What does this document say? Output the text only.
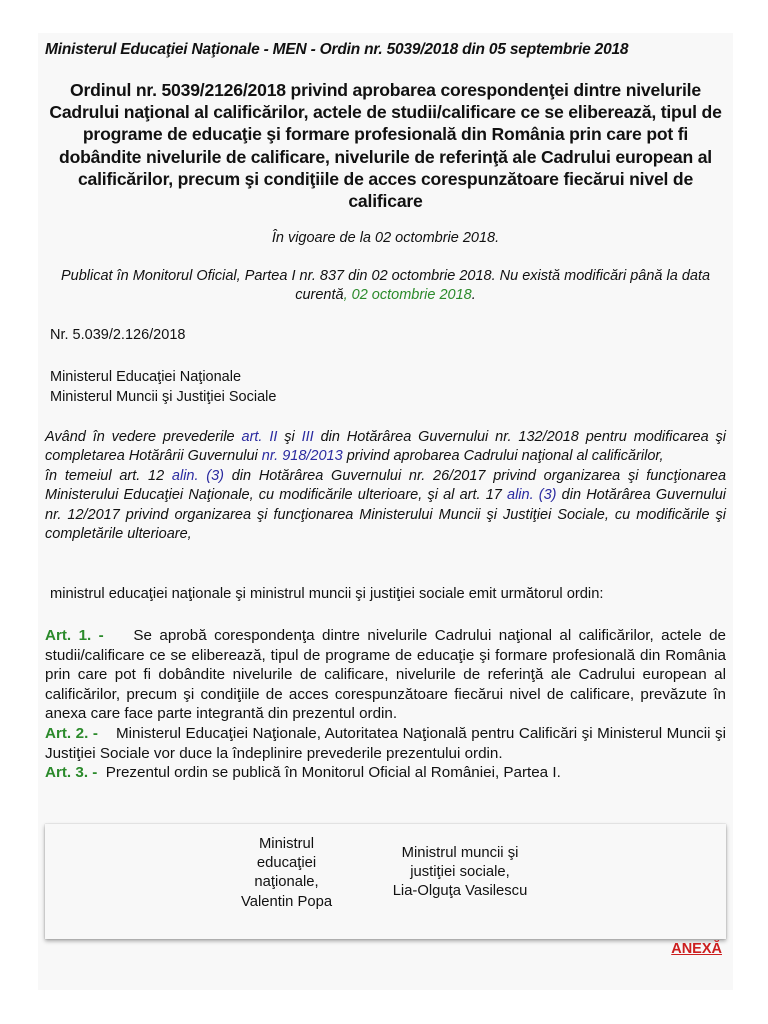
Ministerul Educaţiei Naţionale - MEN - Ordin nr. 5039/2018 din 05 septembrie 2018
Ordinul nr. 5039/2126/2018 privind aprobarea corespondenţei dintre nivelurile Cadrului naţional al calificărilor, actele de studii/calificare ce se eliberează, tipul de programe de educaţie şi formare profesională din România prin care pot fi dobândite nivelurile de calificare, nivelurile de referinţă ale Cadrului european al calificărilor, precum şi condiţiile de acces corespunzătoare fiecărui nivel de calificare
În vigoare de la 02 octombrie 2018.
Publicat în Monitorul Oficial, Partea I nr. 837 din 02 octombrie 2018. Nu există modificări până la data curentă, 02 octombrie 2018.
Nr. 5.039/2.126/2018
Ministerul Educaţiei Naţionale
Ministerul Muncii şi Justiţiei Sociale
Având în vedere prevederile art. II şi III din Hotărârea Guvernului nr. 132/2018 pentru modificarea şi completarea Hotărârii Guvernului nr. 918/2013 privind aprobarea Cadrului naţional al calificărilor,
în temeiul art. 12 alin. (3) din Hotărârea Guvernului nr. 26/2017 privind organizarea şi funcţionarea Ministerului Educaţiei Naţionale, cu modificările ulterioare, şi al art. 17 alin. (3) din Hotărârea Guvernului nr. 12/2017 privind organizarea şi funcţionarea Ministerului Muncii şi Justiţiei Sociale, cu modificările şi completările ulterioare,
ministrul educaţiei naţionale şi ministrul muncii şi justiţiei sociale emit următorul ordin:

Art. 1. - Se aprobă corespondenţa dintre nivelurile Cadrului naţional al calificărilor, actele de studii/calificare ce se eliberează, tipul de programe de educaţie şi formare profesională din România prin care pot fi dobândite nivelurile de calificare, nivelurile de referinţă ale Cadrului european al calificărilor, precum şi condiţiile de acces corespunzătoare fiecărui nivel de calificare, prevăzute în anexa care face parte integrantă din prezentul ordin.

Art. 2. - Ministerul Educaţiei Naţionale, Autoritatea Naţională pentru Calificări şi Ministerul Muncii şi Justiţiei Sociale vor duce la îndeplinire prevederile prezentului ordin.

Art. 3. - Prezentul ordin se publică în Monitorul Oficial al României, Partea I.

Ministrul
educaţiei
naţionale,
Valentin Popa
Ministrul muncii şi
justiţiei sociale,
Lia-Olguţa Vasilescu
ANEXĂ
